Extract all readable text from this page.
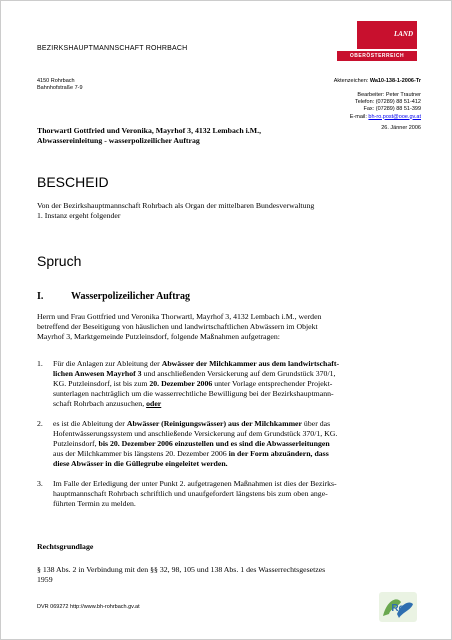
LAND
OBERÖSTERREICH
BEZIRKSHAUPTMANNSCHAFT ROHRBACH
4150 Rohrbach
Bahnhofstraße 7-9
Aktenzeichen: Wa10-138-1-2006-Tr
Bearbeiter: Peter Trautner
Telefon: (07289) 88 51-412
Fax: (07289) 88 51-399
E-mail: bh-ro.post@ooe.gv.at
26. Jänner 2006
Thorwartl Gottfried und Veronika, Mayrhof 3, 4132 Lembach i.M.,
Abwassereinleitung - wasserpolizeilicher Auftrag
BESCHEID
Von der Bezirkshauptmannschaft Rohrbach als Organ der mittelbaren Bundesverwaltung
1. Instanz ergeht folgender
Spruch
I.	Wasserpolizeilicher Auftrag
Herrn und Frau Gottfried und Veronika Thorwartl, Mayrhof 3, 4132 Lembach i.M., werden
betreffend der Beseitigung von häuslichen und landwirtschaftlichen Abwässern im Objekt
Mayrhof 3, Marktgemeinde Putzleinsdorf, folgende Maßnahmen aufgetragen:
1. Für die Anlagen zur Ableitung der Abwässer der Milchkammer aus dem landwirtschaft-
lichen Anwesen Mayrhof 3 und anschließenden Versickerung auf dem Grundstück 370/1,
KG. Putzleinsdorf, ist bis zum 20. Dezember 2006 unter Vorlage entsprechender Projekt-
sunterlagen nachträglich um die wasserrechtliche Bewilligung bei der Bezirkshauptmann-
schaft Rohrbach anzusuchen, oder
2. es ist die Ableitung der Abwässer (Reinigungswässer) aus der Milchkammer über das
Hofentwässerungssystem und anschließende Versickerung auf dem Grundstück 370/1, KG.
Putzleinsdorf, bis 20. Dezember 2006 einzustellen und es sind die Abwasserleitungen
aus der Milchkammer bis längstens 20. Dezember 2006 in der Form abzuändern, dass
diese Abwässer in die Güllegrube eingeleitet werden.
3. Im Falle der Erledigung der unter Punkt 2. aufgetragenen Maßnahmen ist dies der Bezirks-
hauptmannschaft Rohrbach schriftlich und unaufgefordert längstens bis zum oben ange-
führten Termin zu melden.
Rechtsgrundlage
§ 138 Abs. 2 in Verbindung mit den §§ 32, 98, 105 und 138 Abs. 1 des Wasserrechtsgesetzes
1959
DVR 069272 http://www.bh-rohrbach.gv.at	Ro
